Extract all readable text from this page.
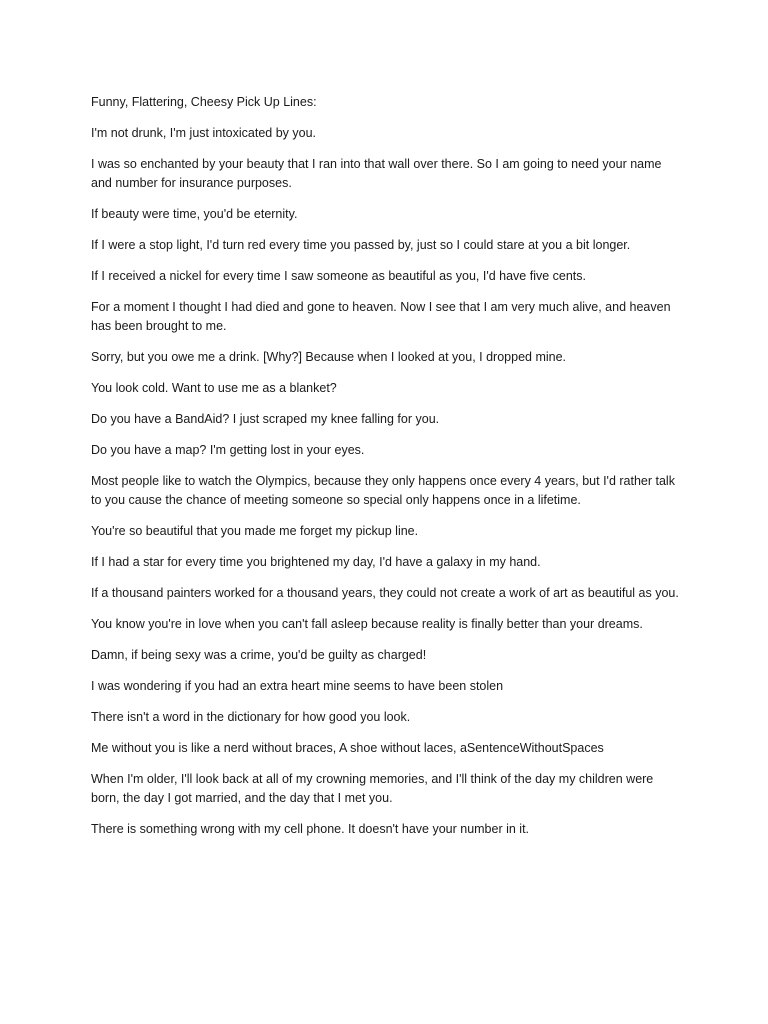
Funny, Flattering, Cheesy Pick Up Lines:

I'm not drunk, I'm just intoxicated by you.

I was so enchanted by your beauty that I ran into that wall over there. So I am going to need your name and number for insurance purposes.

If beauty were time, you'd be eternity.

If I were a stop light, I'd turn red every time you passed by, just so I could stare at you a bit longer.

If I received a nickel for every time I saw someone as beautiful as you, I'd have five cents.

For a moment I thought I had died and gone to heaven. Now I see that I am very much alive, and heaven has been brought to me.

Sorry, but you owe me a drink. [Why?] Because when I looked at you, I dropped mine.

You look cold. Want to use me as a blanket?

Do you have a BandAid? I just scraped my knee falling for you.

Do you have a map? I'm getting lost in your eyes.

Most people like to watch the Olympics, because they only happens once every 4 years, but I'd rather talk to you cause the chance of meeting someone so special only happens once in a lifetime.

You're so beautiful that you made me forget my pickup line.

If I had a star for every time you brightened my day, I'd have a galaxy in my hand.

If a thousand painters worked for a thousand years, they could not create a work of art as beautiful as you.

You know you're in love when you can't fall asleep because reality is finally better than your dreams.

Damn, if being sexy was a crime, you'd be guilty as charged!

I was wondering if you had an extra heart mine seems to have been stolen

There isn't a word in the dictionary for how good you look.

Me without you is like a nerd without braces, A shoe without laces, aSentenceWithoutSpaces

When I'm older, I'll look back at all of my crowning memories, and I'll think of the day my children were born, the day I got married, and the day that I met you.

There is something wrong with my cell phone. It doesn't have your number in it.
